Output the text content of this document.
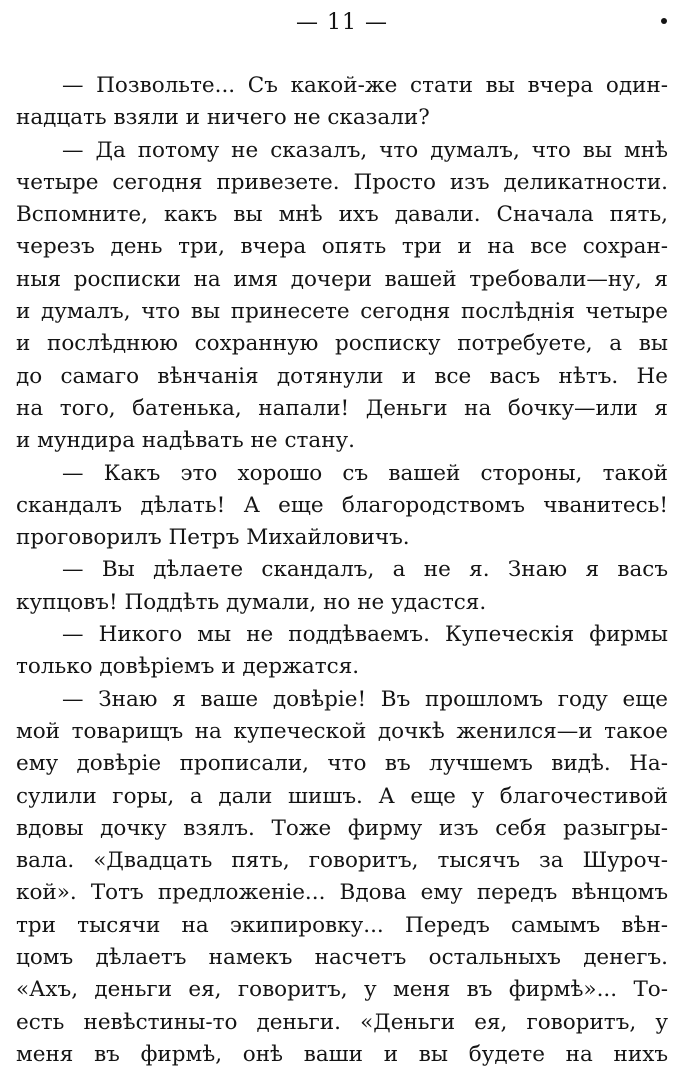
— 11 —
— Позвольте... Съ какой-же стати вы вчера один-
надцать взяли и ничего не сказали?
— Да потому не сказалъ, что думалъ, что вы мнѣ
четыре сегодня привезете. Просто изъ деликатности.
Вспомните, какъ вы мнѣ ихъ давали. Сначала пять,
черезъ день три, вчера опять три и на все сохран-
ныя росписки на имя дочери вашей требовали—ну, я
и думалъ, что вы принесете сегодня послѣднія четыре
и послѣднюю сохранную росписку потребуете, а вы
до самаго вѣнчанія дотянули и все васъ нѣтъ. Не
на того, батенька, напали! Деньги на бочку—или я
и мундира надѣвать не стану.
— Какъ это хорошо съ вашей стороны, такой
скандалъ дѣлать! А еще благородствомъ чванитесь!
проговорилъ Петръ Михайловичъ.
— Вы дѣлаете скандалъ, а не я. Знаю я васъ
купцовъ! Поддѣть думали, но не удастся.
— Никого мы не поддѣваемъ. Купеческія фирмы
только довѣріемъ и держатся.
— Знаю я ваше довѣріе! Въ прошломъ году еще
мой товарищъ на купеческой дочкѣ женился—и такое
ему довѣріе прописали, что въ лучшемъ видѣ. На-
сулили горы, а дали шишъ. А еще у благочестивой
вдовы дочку взялъ. Тоже фирму изъ себя разыгры-
вала. «Двадцать пять, говоритъ, тысячъ за Шуроч-
кой». Тотъ предложеніе... Вдова ему передъ вѣнцомъ
три тысячи на экипировку... Передъ самымъ вѣн-
цомъ дѣлаетъ намекъ насчетъ остальныхъ денегъ.
«Ахъ, деньги ея, говоритъ, у меня въ фирмѣ»... То-
есть невѣстины-то деньги. «Деньги ея, говоритъ, у
меня въ фирмѣ, онѣ ваши и вы будете на нихъ
